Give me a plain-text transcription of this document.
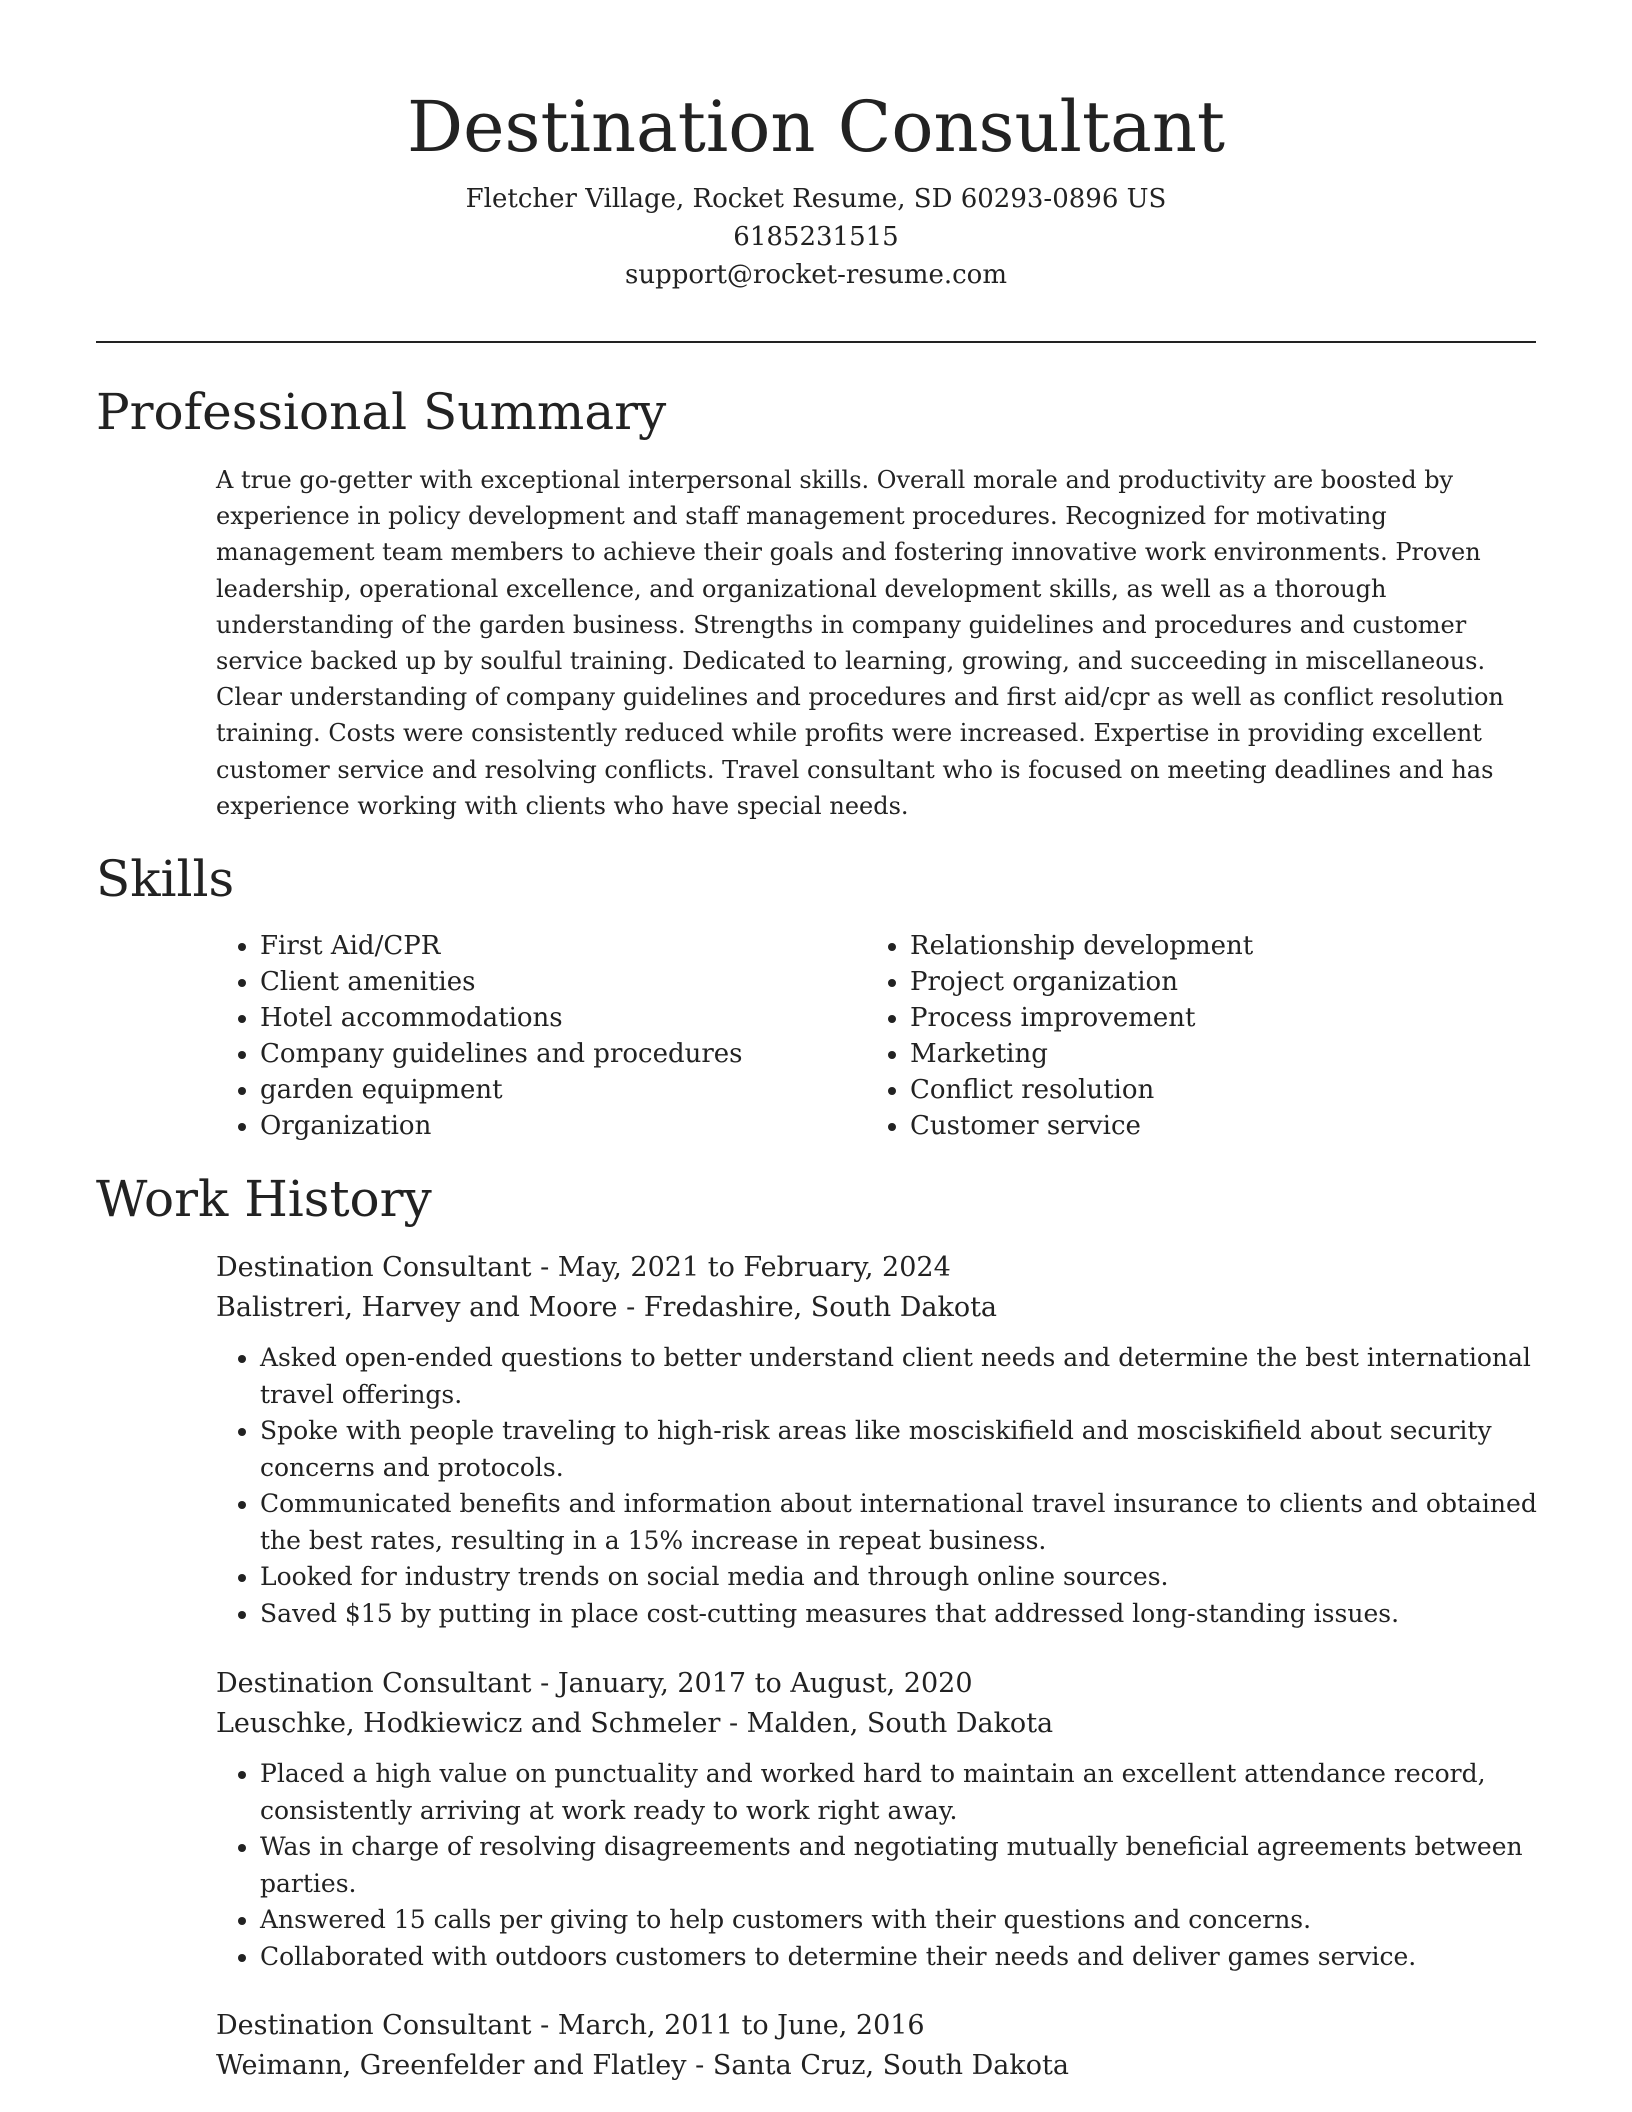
Destination Consultant
Fletcher Village, Rocket Resume, SD 60293-0896 US
6185231515
support@rocket-resume.com
Professional Summary

A true go-getter with exceptional interpersonal skills. Overall morale and productivity are boosted by experience in policy development and staff management procedures. Recognized for motivating management team members to achieve their goals and fostering innovative work environments. Proven leadership, operational excellence, and organizational development skills, as well as a thorough understanding of the garden business. Strengths in company guidelines and procedures and customer service backed up by soulful training. Dedicated to learning, growing, and succeeding in miscellaneous. Clear understanding of company guidelines and procedures and first aid/cpr as well as conflict resolution training. Costs were consistently reduced while profits were increased. Expertise in providing excellent customer service and resolving conflicts. Travel consultant who is focused on meeting deadlines and has experience working with clients who have special needs.

Skills
• First Aid/CPR
• Client amenities
• Hotel accommodations
• Company guidelines and procedures
• garden equipment
• Organization
• Relationship development
• Project organization
• Process improvement
• Marketing
• Conflict resolution
• Customer service
Work History
Destination Consultant - May, 2021 to February, 2024
Balistreri, Harvey and Moore - Fredashire, South Dakota
• Asked open-ended questions to better understand client needs and determine the best international travel offerings.
• Spoke with people traveling to high-risk areas like mosciskifield and mosciskifield about security concerns and protocols.
• Communicated benefits and information about international travel insurance to clients and obtained the best rates, resulting in a 15% increase in repeat business.
• Looked for industry trends on social media and through online sources.
• Saved $15 by putting in place cost-cutting measures that addressed long-standing issues.
Destination Consultant - January, 2017 to August, 2020
Leuschke, Hodkiewicz and Schmeler - Malden, South Dakota
• Placed a high value on punctuality and worked hard to maintain an excellent attendance record, consistently arriving at work ready to work right away.
• Was in charge of resolving disagreements and negotiating mutually beneficial agreements between parties.
• Answered 15 calls per giving to help customers with their questions and concerns.
• Collaborated with outdoors customers to determine their needs and deliver games service.
Destination Consultant - March, 2011 to June, 2016
Weimann, Greenfelder and Flatley - Santa Cruz, South Dakota
